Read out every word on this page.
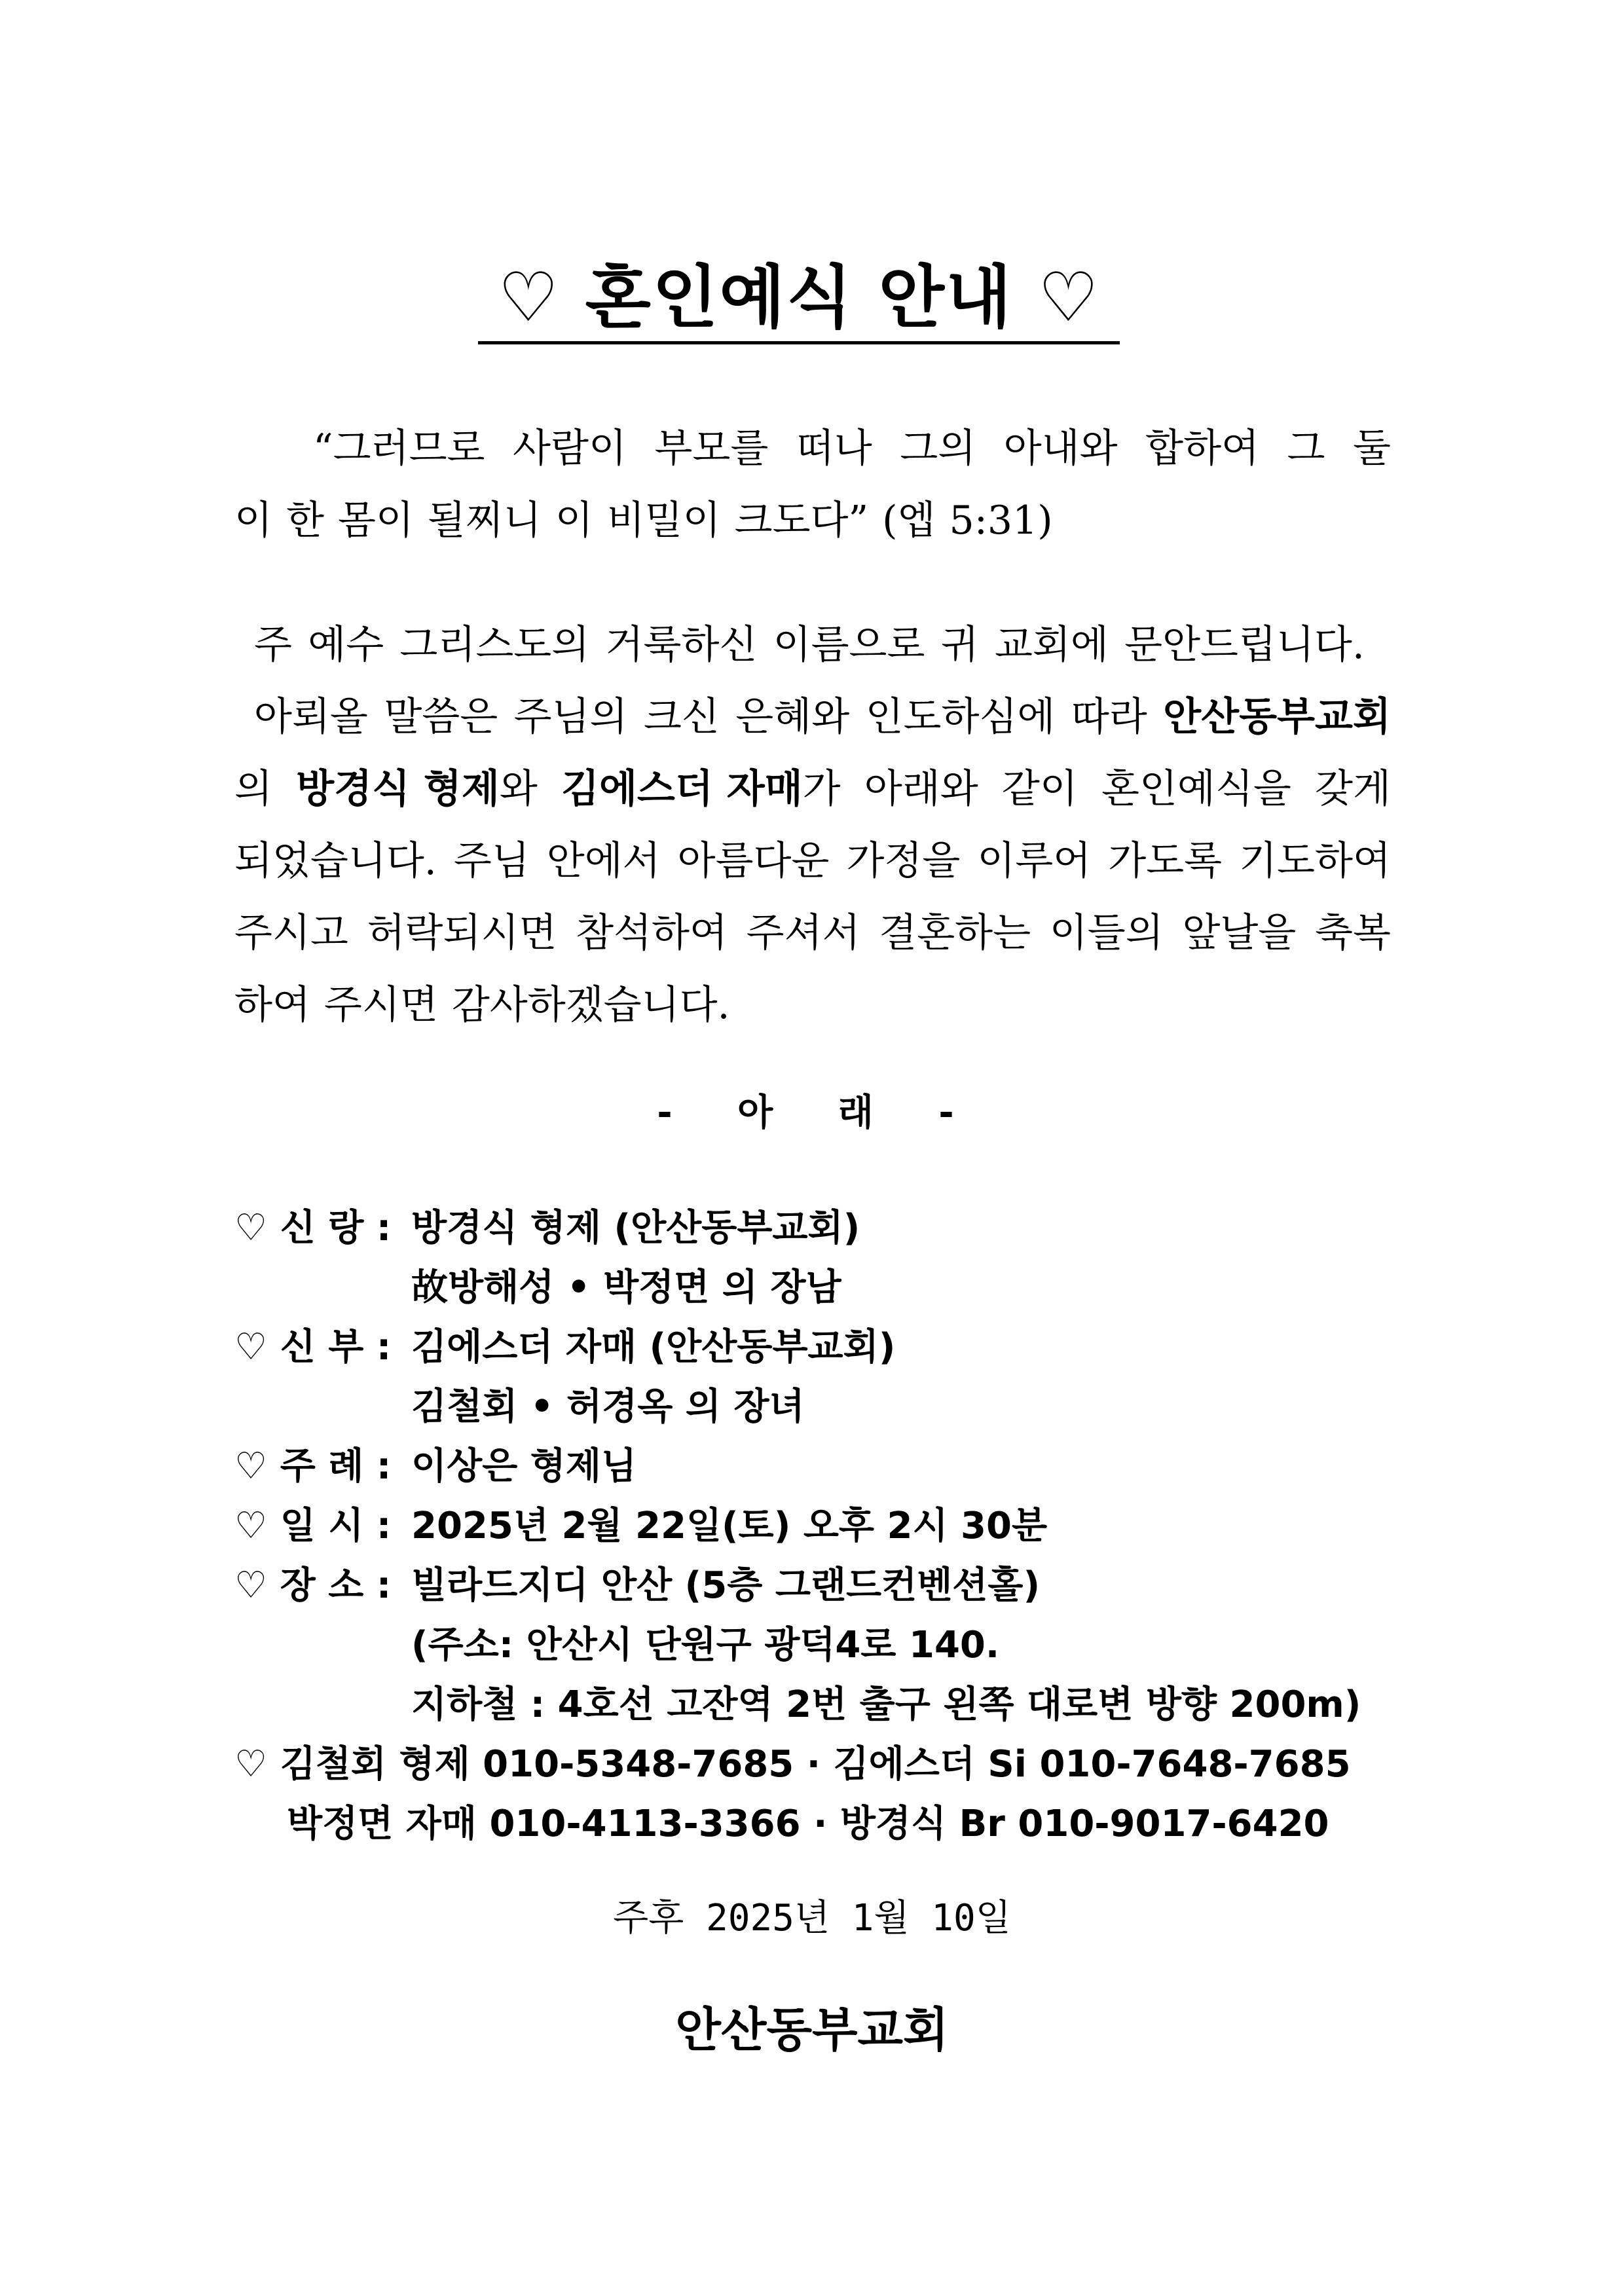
♡ 혼인예식 안내 ♡
“그러므로 사람이 부모를 떠나 그의 아내와 합하여 그 둘
이 한 몸이 될찌니 이 비밀이 크도다” (엡 5:31)
주 예수 그리스도의 거룩하신 이름으로 귀 교회에 문안드립니다.
아뢰올 말씀은 주님의 크신 은혜와 인도하심에 따라 안산동부교회
의 방경식 형제와 김에스더 자매가 아래와 같이 혼인예식을 갖게
되었습니다. 주님 안에서 아름다운 가정을 이루어 가도록 기도하여
주시고 허락되시면 참석하여 주셔서 결혼하는 이들의 앞날을 축복
하여 주시면 감사하겠습니다.
- 아 래 -
♡ 신 랑 : 방경식 형제 (안산동부교회)
故방해성 • 박정면 의 장남
♡ 신 부 : 김에스더 자매 (안산동부교회)
김철회 • 허경옥 의 장녀
♡ 주 례 : 이상은 형제님
♡ 일 시 : 2025년 2월 22일(토) 오후 2시 30분
♡ 장 소 : 빌라드지디 안산 (5층 그랜드컨벤션홀)
(주소: 안산시 단원구 광덕4로 140.
지하철 : 4호선 고잔역 2번 출구 왼쪽 대로변 방향 200m)
♡ 김철회 형제 010-5348-7685 · 김에스더 Si 010-7648-7685
박정면 자매 010-4113-3366 · 방경식 Br 010-9017-6420
주후 2025년 1월 10일
안산동부교회
